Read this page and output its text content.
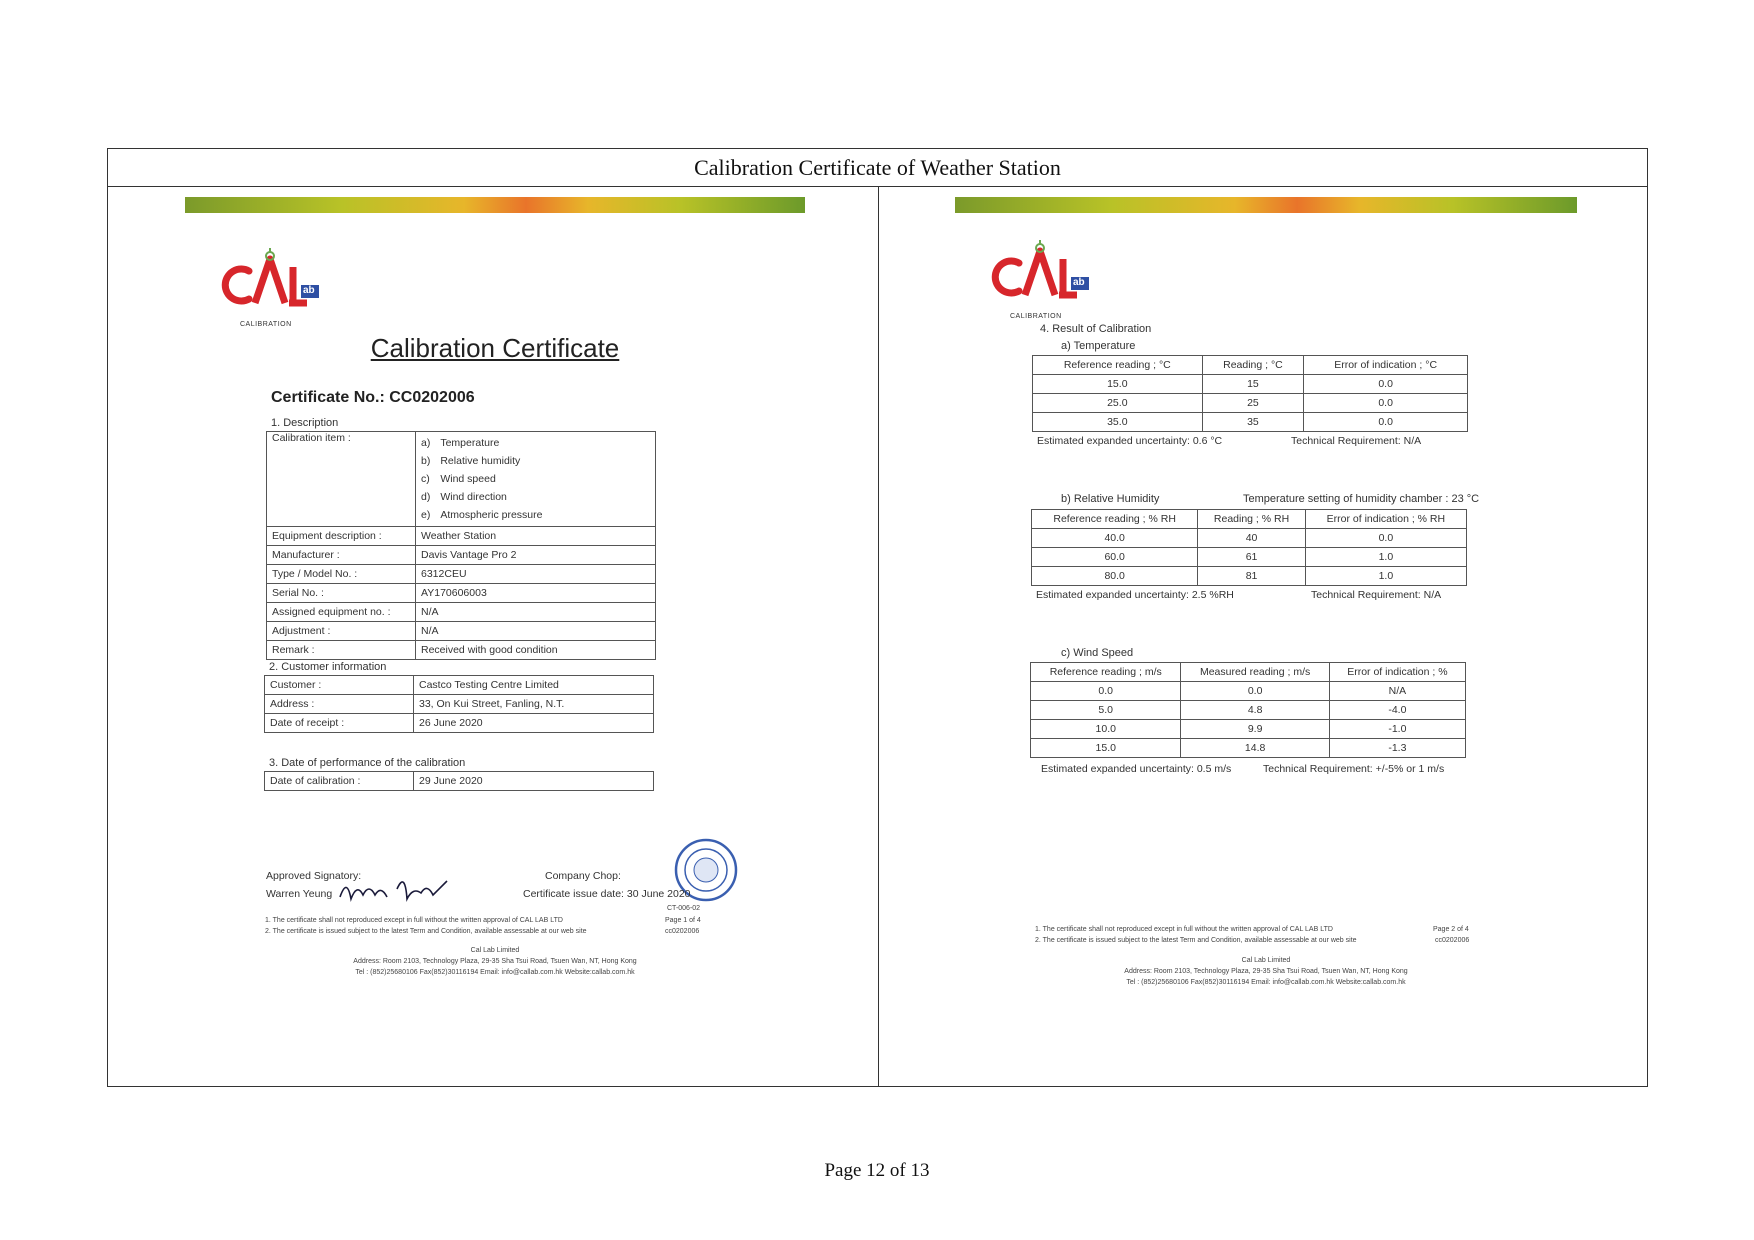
Calibration Certificate of Weather Station
ab
CALIBRATION
Calibration Certificate
Certificate No.: CC0202006
1. Description
Calibration item :		a)	Temperature
b)	Relative humidity
c)	Wind speed
d)	Wind direction
e)	Atmospheric pressure

Equipment description :	Weather Station
Manufacturer :	Davis Vantage Pro 2
Type / Model No. :	6312CEU
Serial No. :	AY170606003
Assigned equipment no. :	N/A
Adjustment :	N/A
Remark :	Received with good condition
2. Customer information
Customer :	Castco Testing Centre Limited
Address :	33, On Kui Street, Fanling, N.T.
Date of receipt :	26 June 2020
3. Date of performance of the calibration
Date of calibration :	29 June 2020
Approved Signatory:
Warren Yeung
Company Chop:
Certificate issue date: 30 June 2020
CT-006-02
Page 1 of 4
cc0202006
1. The certificate shall not reproduced except in full without the written approval of CAL LAB LTD
2. The certificate is issued subject to the latest Term and Condition, available assessable at our web site
Cal Lab Limited
Address: Room 2103, Technology Plaza, 29-35 Sha Tsui Road, Tsuen Wan, NT, Hong Kong
Tel : (852)25680106 Fax(852)30116194 Email: info@callab.com.hk Website:callab.com.hk
ab
CALIBRATION
4. Result of Calibration
a) Temperature
Reference reading ; °C	Reading ; °C	Error of indication ; °C
15.0	15	0.0
25.0	25	0.0
35.0	35	0.0
Estimated expanded uncertainty: 0.6 °C	Technical Requirement: N/A
b) Relative Humidity	Temperature setting of humidity chamber : 23 °C
Reference reading ; % RH	Reading ; % RH	Error of indication ; % RH
40.0	40	0.0
60.0	61	1.0
80.0	81	1.0
Estimated expanded uncertainty: 2.5 %RH	Technical Requirement: N/A
c) Wind Speed
Reference reading ; m/s	Measured reading ; m/s	Error of indication ; %
0.0	0.0	N/A
5.0	4.8	-4.0
10.0	9.9	-1.0
15.0	14.8	-1.3
Estimated expanded uncertainty: 0.5 m/s	Technical Requirement: +/-5% or 1 m/s
1. The certificate shall not reproduced except in full without the written approval of CAL LAB LTD
2. The certificate is issued subject to the latest Term and Condition, available assessable at our web site
Page 2 of 4
cc0202006
Cal Lab Limited
Address: Room 2103, Technology Plaza, 29-35 Sha Tsui Road, Tsuen Wan, NT, Hong Kong
Tel : (852)25680106 Fax(852)30116194 Email: info@callab.com.hk Website:callab.com.hk
Page 12 of 13
